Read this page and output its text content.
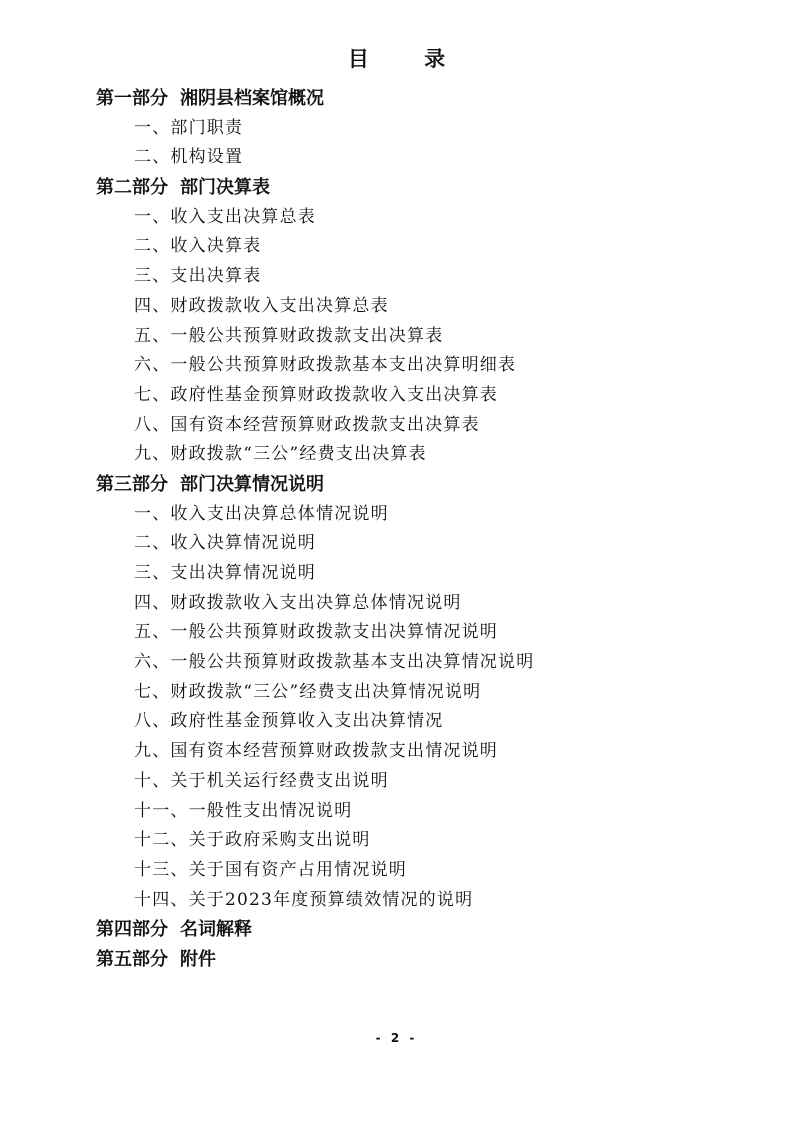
目 录
第一部分 湘阴县档案馆概况
一、部门职责
二、机构设置
第二部分 部门决算表
一、收入支出决算总表
二、收入决算表
三、支出决算表
四、财政拨款收入支出决算总表
五、一般公共预算财政拨款支出决算表
六、一般公共预算财政拨款基本支出决算明细表
七、政府性基金预算财政拨款收入支出决算表
八、国有资本经营预算财政拨款支出决算表
九、财政拨款“三公”经费支出决算表
第三部分 部门决算情况说明
一、收入支出决算总体情况说明
二、收入决算情况说明
三、支出决算情况说明
四、财政拨款收入支出决算总体情况说明
五、一般公共预算财政拨款支出决算情况说明
六、一般公共预算财政拨款基本支出决算情况说明
七、财政拨款“三公”经费支出决算情况说明
八、政府性基金预算收入支出决算情况
九、国有资本经营预算财政拨款支出情况说明
十、关于机关运行经费支出说明
十一、一般性支出情况说明
十二、关于政府采购支出说明
十三、关于国有资产占用情况说明
十四、关于2023年度预算绩效情况的说明
第四部分 名词解释
第五部分 附件
- 2 -
